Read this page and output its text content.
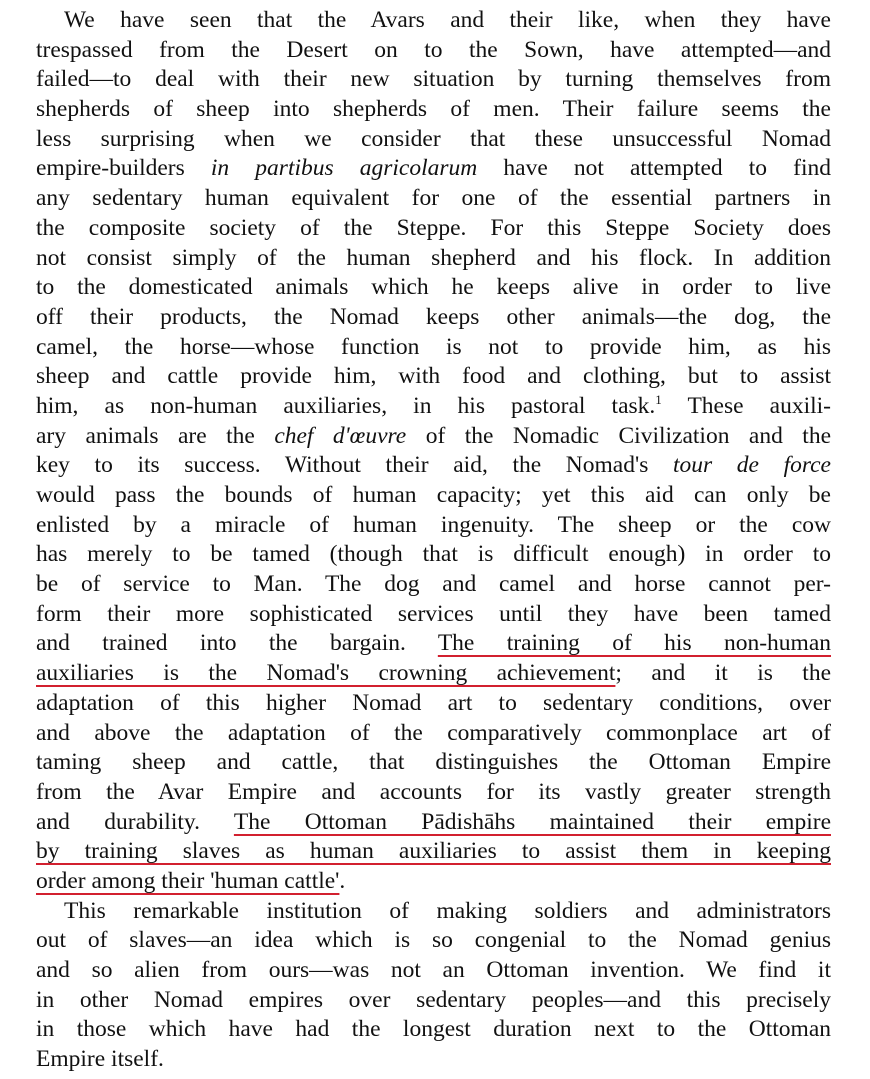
We have seen that the Avars and their like, when they have
trespassed from the Desert on to the Sown, have attempted—and
failed—to deal with their new situation by turning themselves from
shepherds of sheep into shepherds of men. Their failure seems the
less surprising when we consider that these unsuccessful Nomad
empire-builders in partibus agricolarum have not attempted to find
any sedentary human equivalent for one of the essential partners in
the composite society of the Steppe. For this Steppe Society does
not consist simply of the human shepherd and his flock. In addition
to the domesticated animals which he keeps alive in order to live
off their products, the Nomad keeps other animals—the dog, the
camel, the horse—whose function is not to provide him, as his
sheep and cattle provide him, with food and clothing, but to assist
him, as non-human auxiliaries, in his pastoral task.$^1$ These auxili-
ary animals are the chef d'œuvre of the Nomadic Civilization and the
key to its success. Without their aid, the Nomad's tour de force
would pass the bounds of human capacity; yet this aid can only be
enlisted by a miracle of human ingenuity. The sheep or the cow
has merely to be tamed (though that is difficult enough) in order to
be of service to Man. The dog and camel and horse cannot per-
form their more sophisticated services until they have been tamed
and trained into the bargain. The training of his non-human
auxiliaries is the Nomad's crowning achievement; and it is the
adaptation of this higher Nomad art to sedentary conditions, over
and above the adaptation of the comparatively commonplace art of
taming sheep and cattle, that distinguishes the Ottoman Empire
from the Avar Empire and accounts for its vastly greater strength
and durability. The Ottoman Pādishāhs maintained their empire
by training slaves as human auxiliaries to assist them in keeping
order among their 'human cattle'.
This remarkable institution of making soldiers and administrators
out of slaves—an idea which is so congenial to the Nomad genius
and so alien from ours—was not an Ottoman invention. We find it
in other Nomad empires over sedentary peoples—and this precisely
in those which have had the longest duration next to the Ottoman
Empire itself.
